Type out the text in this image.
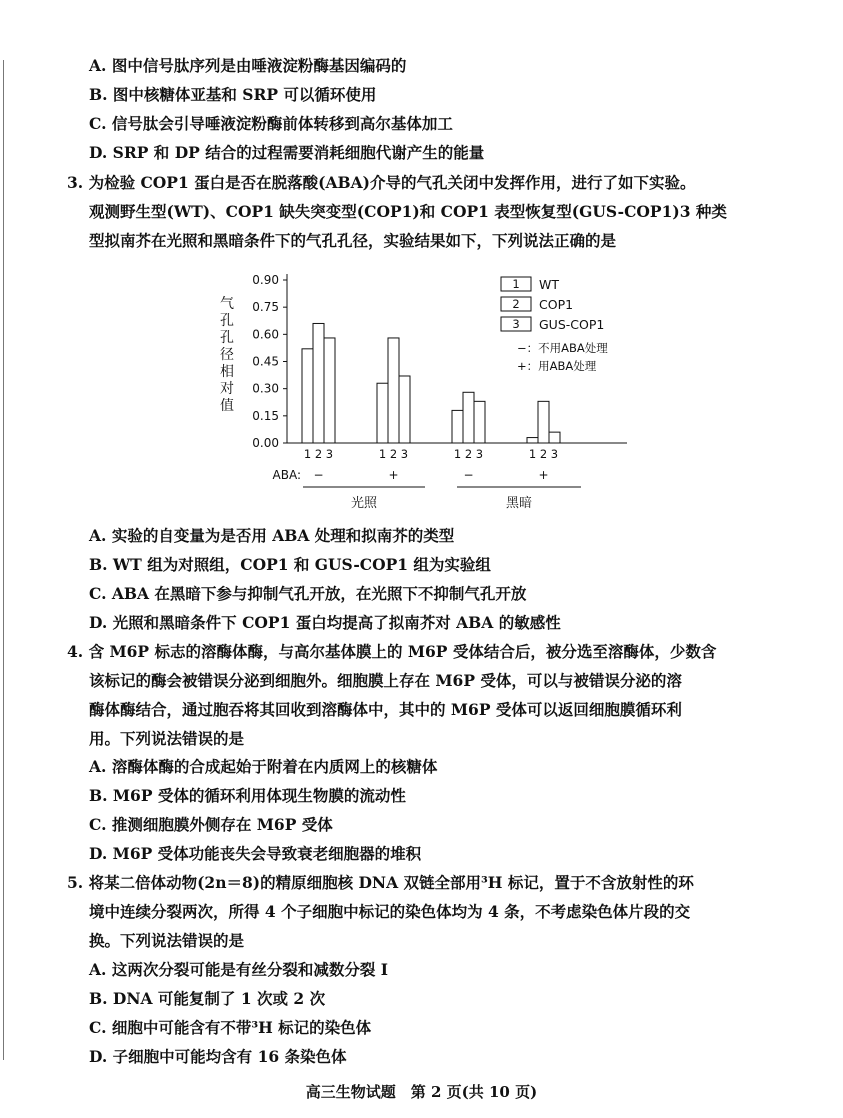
A. 图中信号肽序列是由唾液淀粉酶基因编码的
B. 图中核糖体亚基和 SRP 可以循环使用
C. 信号肽会引导唾液淀粉酶前体转移到高尔基体加工
D. SRP 和 DP 结合的过程需要消耗细胞代谢产生的能量
3. 为检验 COP1 蛋白是否在脱落酸(ABA)介导的气孔关闭中发挥作用，进行了如下实验。
观测野生型(WT)、COP1 缺失突变型(COP1)和 COP1 表型恢复型(GUS-COP1)3 种类
型拟南芥在光照和黑暗条件下的气孔孔径，实验结果如下，下列说法正确的是
A. 实验的自变量为是否用 ABA 处理和拟南芥的类型
B. WT 组为对照组，COP1 和 GUS-COP1 组为实验组
C. ABA 在黑暗下参与抑制气孔开放，在光照下不抑制气孔开放
D. 光照和黑暗条件下 COP1 蛋白均提高了拟南芥对 ABA 的敏感性
4. 含 M6P 标志的溶酶体酶，与高尔基体膜上的 M6P 受体结合后，被分选至溶酶体，少数含
该标记的酶会被错误分泌到细胞外。细胞膜上存在 M6P 受体，可以与被错误分泌的溶
酶体酶结合，通过胞吞将其回收到溶酶体中，其中的 M6P 受体可以返回细胞膜循环利
用。下列说法错误的是
A. 溶酶体酶的合成起始于附着在内质网上的核糖体
B. M6P 受体的循环利用体现生物膜的流动性
C. 推测细胞膜外侧存在 M6P 受体
D. M6P 受体功能丧失会导致衰老细胞器的堆积
5. 将某二倍体动物(2n＝8)的精原细胞核 DNA 双链全部用³H 标记，置于不含放射性的环
境中连续分裂两次，所得 4 个子细胞中标记的染色体均为 4 条，不考虑染色体片段的交
换。下列说法错误的是
A. 这两次分裂可能是有丝分裂和减数分裂 I
B. DNA 可能复制了 1 次或 2 次
C. 细胞中可能含有不带³H 标记的染色体
D. 子细胞中可能均含有 16 条染色体
气
孔
孔
径
相
对
值
0.90
0.75
0.60
0.45
0.30
0.15
0.00
1 2 3
−
1 2 3
+
1 2 3
−
1 2 3
+
ABA:
光照	黑暗
1 WT
2 COP1
3 GUS-COP1
−：不用ABA处理
+：用ABA处理
高三生物试题　第 2 页(共 10 页)
